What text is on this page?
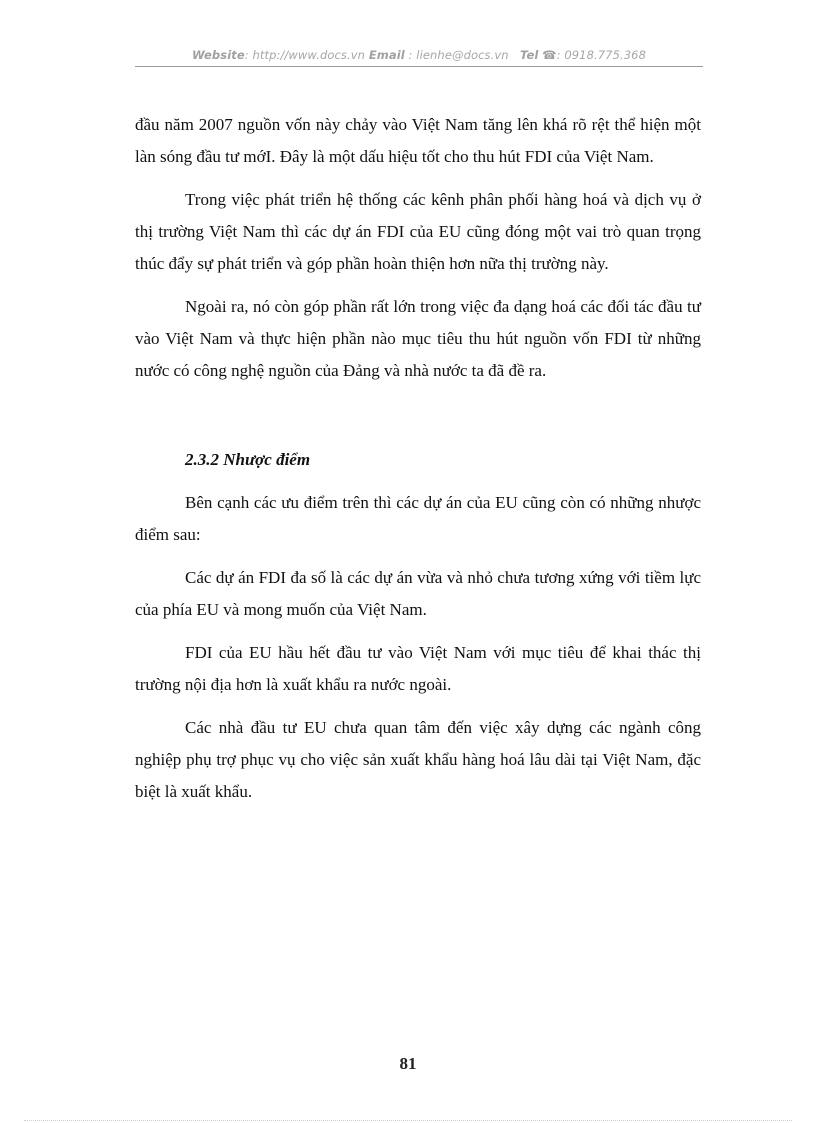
Website: http://www.docs.vn Email : lienhe@docs.vn Tel ☎: 0918.775.368

đầu năm 2007 nguồn vốn này chảy vào Việt Nam tăng lên khá rõ rệt thể hiện một làn sóng đầu tư mớI. Đây là một dấu hiệu tốt cho thu hút FDI của Việt Nam.

Trong việc phát triển hệ thống các kênh phân phối hàng hoá và dịch vụ ở thị trường Việt Nam thì các dự án FDI của EU cũng đóng một vai trò quan trọng thúc đẩy sự phát triển và góp phần hoàn thiện hơn nữa thị trường này.

Ngoài ra, nó còn góp phần rất lớn trong việc đa dạng hoá các đối tác đầu tư vào Việt Nam và thực hiện phần nào mục tiêu thu hút nguồn vốn FDI từ những nước có công nghệ nguồn của Đảng và nhà nước ta đã đề ra.

2.3.2 Nhược điểm

Bên cạnh các ưu điểm trên thì các dự án của EU cũng còn có những nhược điểm sau:

Các dự án FDI đa số là các dự án vừa và nhỏ chưa tương xứng với tiềm lực của phía EU và mong muốn của Việt Nam.

FDI của EU hầu hết đầu tư vào Việt Nam với mục tiêu để khai thác thị trường nội địa hơn là xuất khẩu ra nước ngoài.

Các nhà đầu tư EU chưa quan tâm đến việc xây dựng các ngành công nghiệp phụ trợ phục vụ cho việc sản xuất khẩu hàng hoá lâu dài tại Việt Nam, đặc biệt là xuất khẩu.

81
